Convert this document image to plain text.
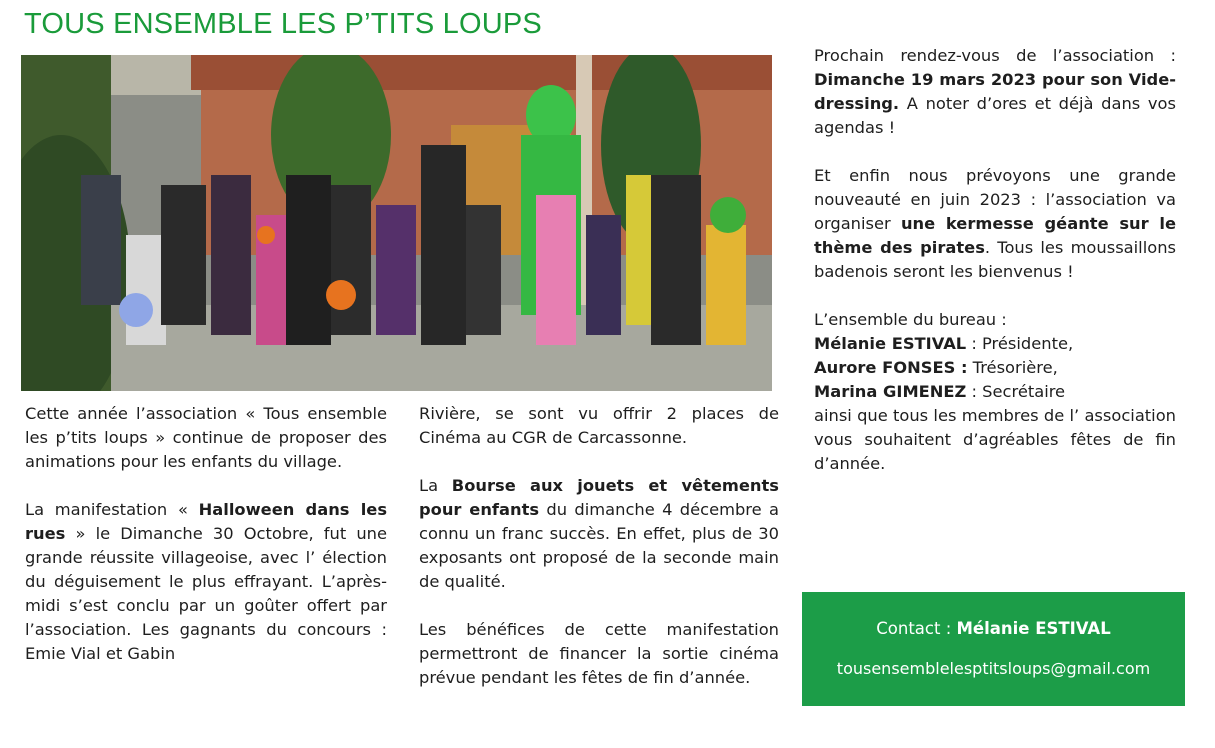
TOUS ENSEMBLE LES P’TITS LOUPS

Cette année l’association « Tous ensemble les p’tits loups » continue de proposer des animations pour les enfants du village.

La manifestation « Halloween dans les rues » le Dimanche 30 Octobre, fut une grande réussite villageoise, avec l’ élection du déguisement le plus effrayant. L’après-midi s’est conclu par un goûter offert par l’association. Les gagnants du concours : Emie Vial et Gabin

Rivière, se sont vu offrir 2 places de Cinéma au CGR de Carcassonne.

La Bourse aux jouets et vêtements pour enfants du dimanche 4 décembre a connu un franc succès. En effet, plus de 30 exposants ont proposé de la seconde main de qualité.

Les bénéfices de cette manifestation permettront de financer la sortie cinéma prévue pendant les fêtes de fin d’année.

Prochain rendez-vous de l’association : Dimanche 19 mars 2023 pour son Vide-dressing. A noter d’ores et déjà dans vos agendas !

Et enfin nous prévoyons une grande nouveauté en juin 2023 : l’association va organiser une kermesse géante sur le thème des pirates. Tous les moussaillons badenois seront les bienvenus !

L’ensemble du bureau :
Mélanie ESTIVAL : Présidente,
Aurore FONSES : Trésorière,
Marina GIMENEZ : Secrétaire
ainsi que tous les membres de l’ association vous souhaitent d’agréables fêtes de fin d’année.
Contact : Mélanie ESTIVAL
tousensemblelesptitsloups@gmail.com
